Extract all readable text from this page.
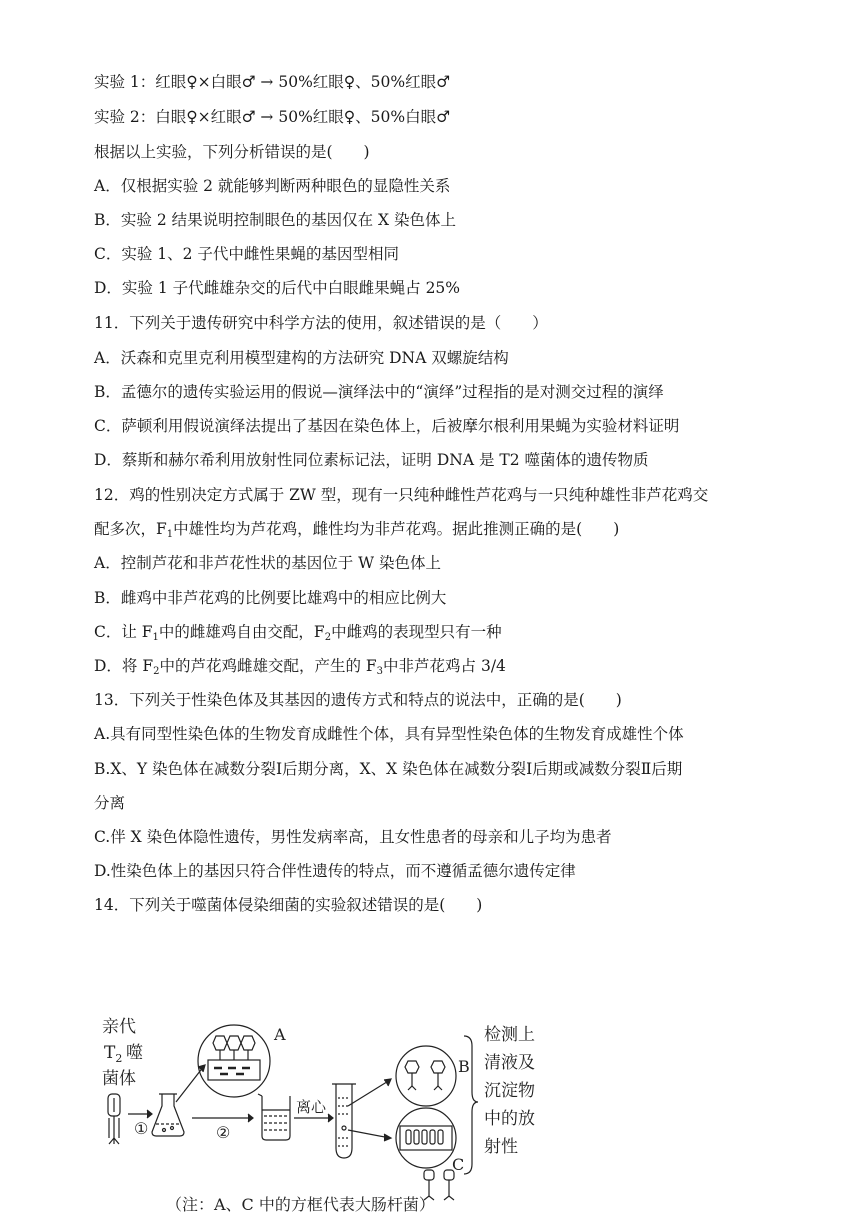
实验 1：红眼♀×白眼♂ → 50%红眼♀、50%红眼♂
实验 2：白眼♀×红眼♂ → 50%红眼♀、50%白眼♂
根据以上实验，下列分析错误的是(　　)
A．仅根据实验 2 就能够判断两种眼色的显隐性关系
B．实验 2 结果说明控制眼色的基因仅在 X 染色体上
C．实验 1、2 子代中雌性果蝇的基因型相同
D．实验 1 子代雌雄杂交的后代中白眼雌果蝇占 25%
11．下列关于遗传研究中科学方法的使用，叙述错误的是（　　）
A．沃森和克里克利用模型建构的方法研究 DNA 双螺旋结构
B．孟德尔的遗传实验运用的假说—演绎法中的“演绎”过程指的是对测交过程的演绎
C．萨顿利用假说演绎法提出了基因在染色体上，后被摩尔根利用果蝇为实验材料证明
D．蔡斯和赫尔希利用放射性同位素标记法，证明 DNA 是 T2 噬菌体的遗传物质
12．鸡的性别决定方式属于 ZW 型，现有一只纯种雌性芦花鸡与一只纯种雄性非芦花鸡交
配多次，$F_1$中雄性均为芦花鸡，雌性均为非芦花鸡。据此推测正确的是(　　)
A．控制芦花和非芦花性状的基因位于 W 染色体上
B．雌鸡中非芦花鸡的比例要比雄鸡中的相应比例大
C．让 $F_1$中的雌雄鸡自由交配，$F_2$中雌鸡的表现型只有一种
D．将 $F_2$中的芦花鸡雌雄交配，产生的 $F_3$中非芦花鸡占 3/4
13．下列关于性染色体及其基因的遗传方式和特点的说法中，正确的是(　　)
A.具有同型性染色体的生物发育成雌性个体，具有异型性染色体的生物发育成雄性个体
B.X、Y 染色体在减数分裂Ⅰ后期分离，X、X 染色体在减数分裂Ⅰ后期或减数分裂Ⅱ后期
分离
C.伴 X 染色体隐性遗传，男性发病率高，且女性患者的母亲和儿子均为患者
D.性染色体上的基因只符合伴性遗传的特点，而不遵循孟德尔遗传定律
14．下列关于噬菌体侵染细菌的实验叙述错误的是(　　)
亲代
$T_2$ 噬
菌体
①
A
②
离心
B
C
检测上
清液及
沉淀物
中的放
射性
（注：A、C 中的方框代表大肠杆菌）
